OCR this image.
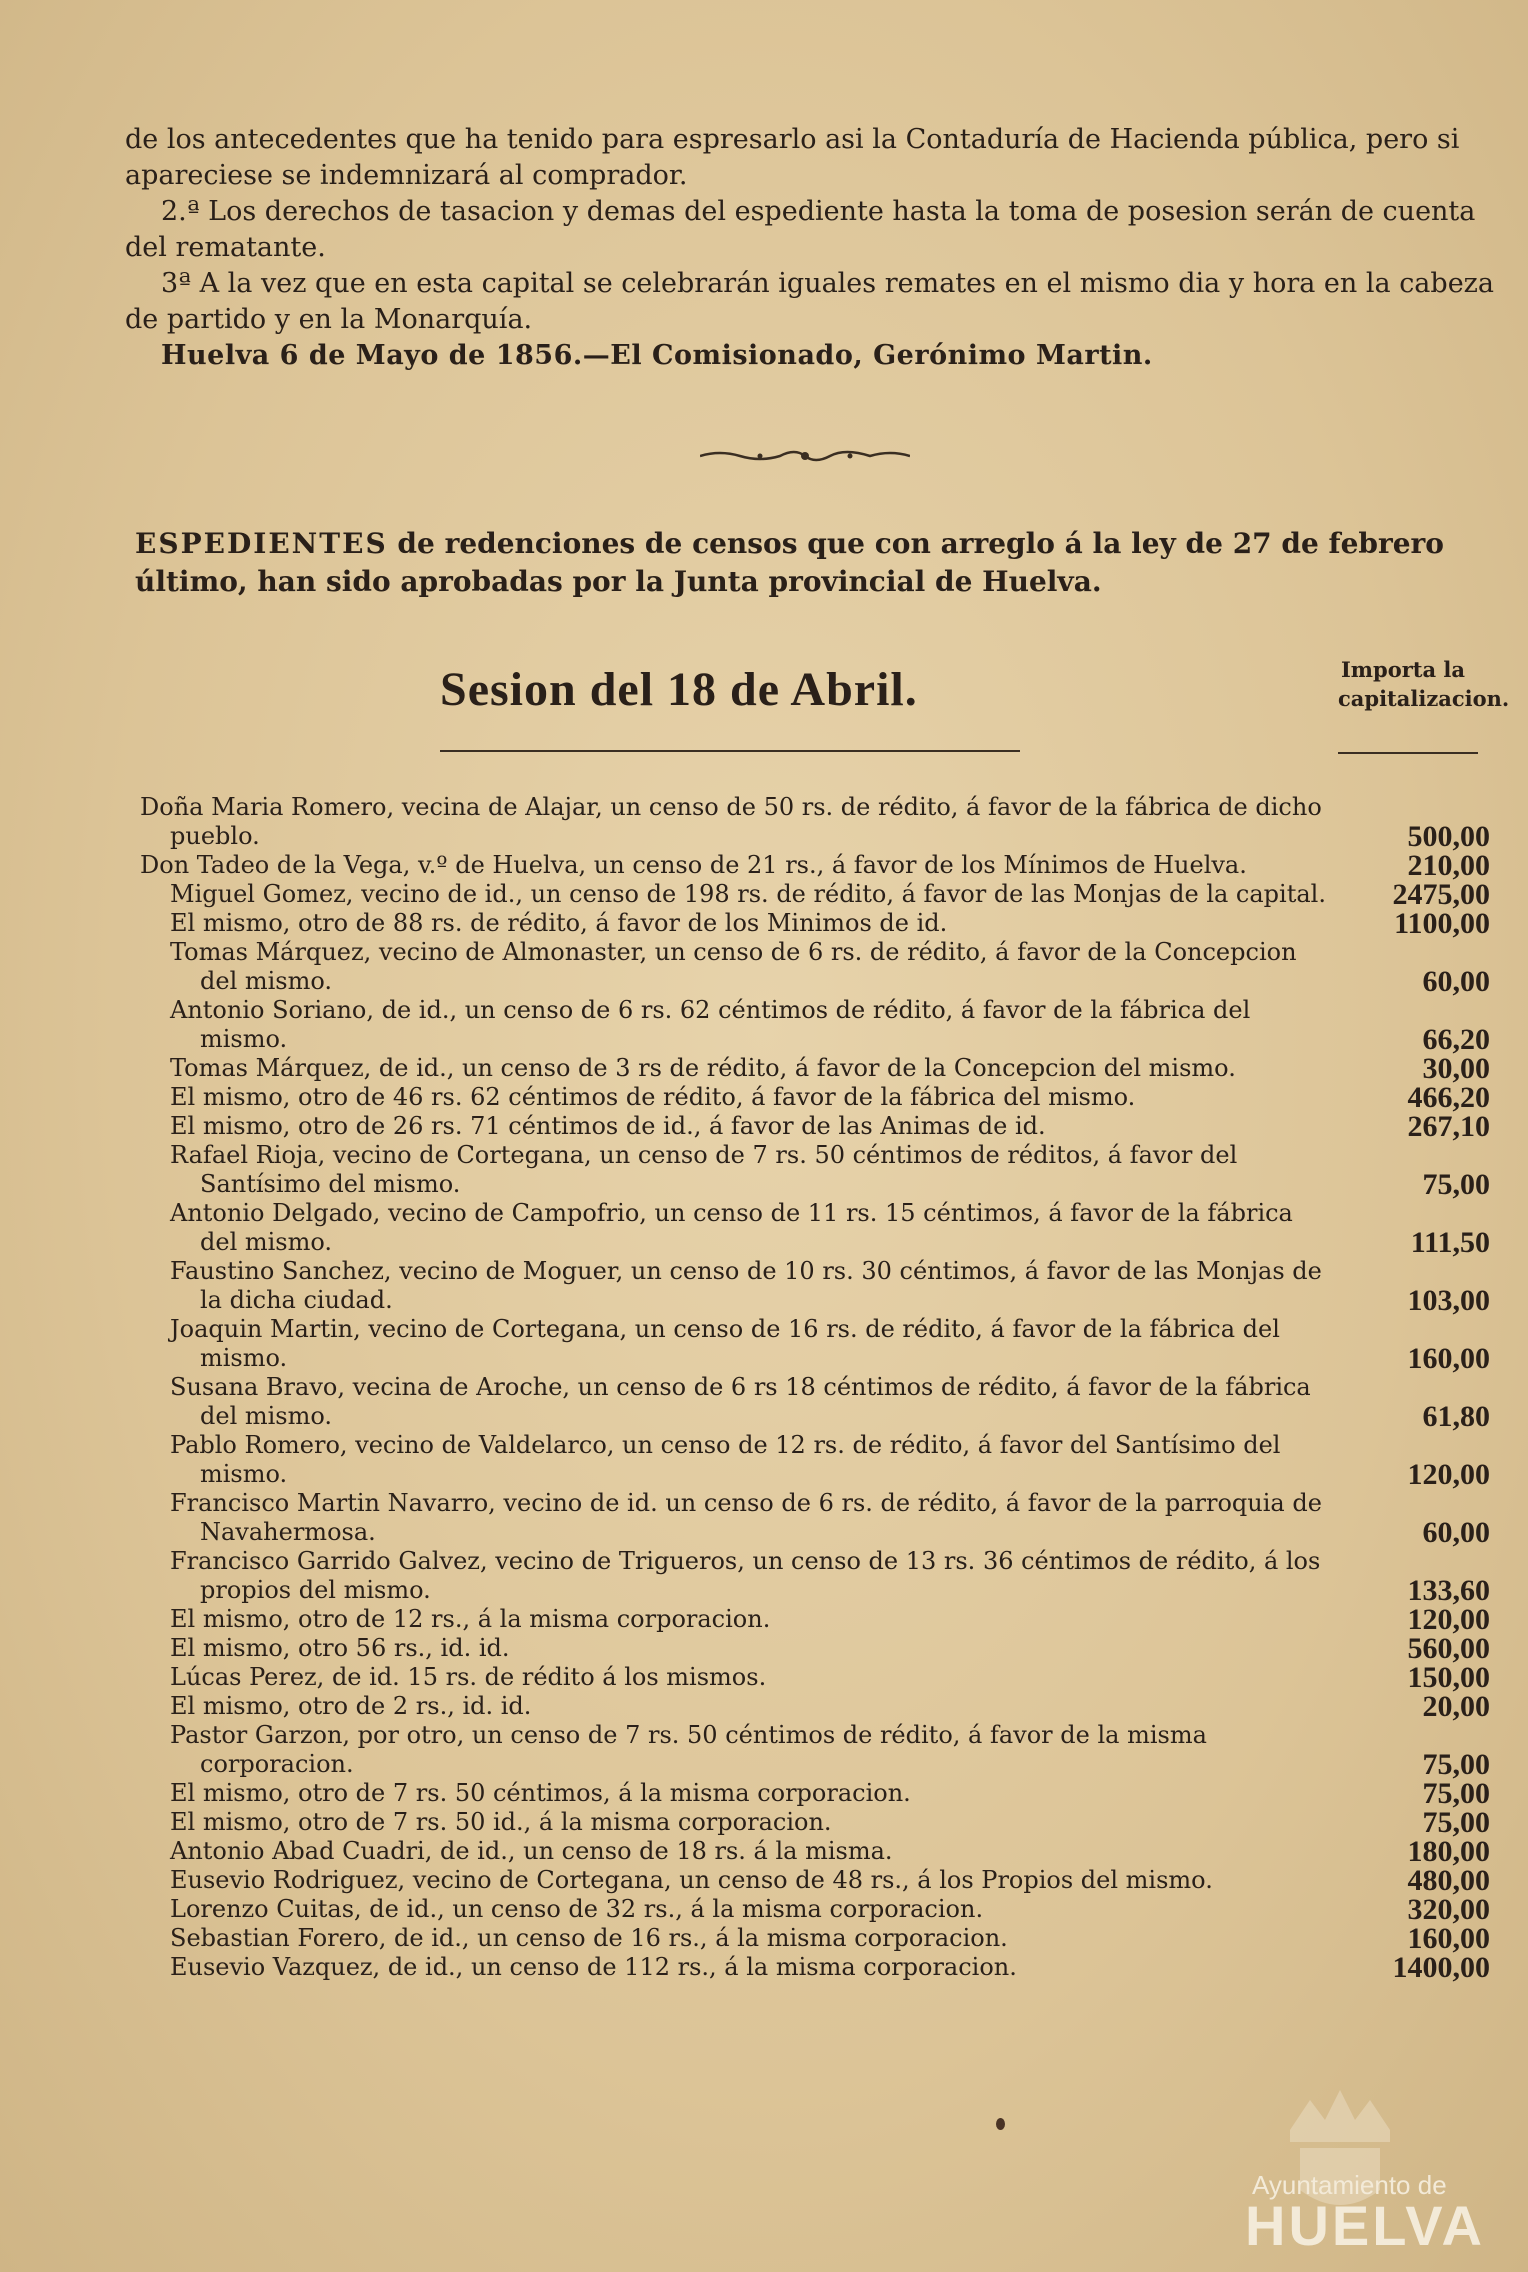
de los antecedentes que ha tenido para espresarlo asi la Contaduría de Hacienda pública, pero si apareciese se indemnizará al comprador.

2.ª Los derechos de tasacion y demas del espediente hasta la toma de posesion serán de cuenta del rematante.

3ª A la vez que en esta capital se celebrarán iguales remates en el mismo dia y hora en la cabeza de partido y en la Monarquía.

Huelva 6 de Mayo de 1856.—El Comisionado, Gerónimo Martin.

ESPEDIENTES de redenciones de censos que con arreglo á la ley de 27 de febrero último, han sido aprobadas por la Junta provincial de Huelva.
Sesion del 18 de Abril.	Importa la capitalizacion.
Doña Maria Romero, vecina de Alajar, un censo de 50 rs. de rédito, á favor de la fábrica de dicho pueblo.	500,00
Don Tadeo de la Vega, v.º de Huelva, un censo de 21 rs., á favor de los Mínimos de Huelva.	210,00
Miguel Gomez, vecino de id., un censo de 198 rs. de rédito, á favor de las Monjas de la capital.	2475,00
El mismo, otro de 88 rs. de rédito, á favor de los Minimos de id.	1100,00
Tomas Márquez, vecino de Almonaster, un censo de 6 rs. de rédito, á favor de la Concepcion del mismo.	60,00
Antonio Soriano, de id., un censo de 6 rs. 62 céntimos de rédito, á favor de la fábrica del mismo.	66,20
Tomas Márquez, de id., un censo de 3 rs de rédito, á favor de la Concepcion del mismo.	30,00
El mismo, otro de 46 rs. 62 céntimos de rédito, á favor de la fábrica del mismo.	466,20
El mismo, otro de 26 rs. 71 céntimos de id., á favor de las Animas de id.	267,10
Rafael Rioja, vecino de Cortegana, un censo de 7 rs. 50 céntimos de réditos, á favor del Santísimo del mismo.	75,00
Antonio Delgado, vecino de Campofrio, un censo de 11 rs. 15 céntimos, á favor de la fábrica del mismo.	111,50
Faustino Sanchez, vecino de Moguer, un censo de 10 rs. 30 céntimos, á favor de las Monjas de la dicha ciudad.	103,00
Joaquin Martin, vecino de Cortegana, un censo de 16 rs. de rédito, á favor de la fábrica del mismo.	160,00
Susana Bravo, vecina de Aroche, un censo de 6 rs 18 céntimos de rédito, á favor de la fábrica del mismo.	61,80
Pablo Romero, vecino de Valdelarco, un censo de 12 rs. de rédito, á favor del Santísimo del mismo.	120,00
Francisco Martin Navarro, vecino de id. un censo de 6 rs. de rédito, á favor de la parroquia de Navahermosa.	60,00
Francisco Garrido Galvez, vecino de Trigueros, un censo de 13 rs. 36 céntimos de rédito, á los propios del mismo.	133,60
El mismo, otro de 12 rs., á la misma corporacion.	120,00
El mismo, otro 56 rs., id. id.	560,00
Lúcas Perez, de id. 15 rs. de rédito á los mismos.	150,00
El mismo, otro de 2 rs., id. id.	20,00
Pastor Garzon, por otro, un censo de 7 rs. 50 céntimos de rédito, á favor de la misma corporacion.	75,00
El mismo, otro de 7 rs. 50 céntimos, á la misma corporacion.	75,00
El mismo, otro de 7 rs. 50 id., á la misma corporacion.	75,00
Antonio Abad Cuadri, de id., un censo de 18 rs. á la misma.	180,00
Eusevio Rodriguez, vecino de Cortegana, un censo de 48 rs., á los Propios del mismo.	480,00
Lorenzo Cuitas, de id., un censo de 32 rs., á la misma corporacion.	320,00
Sebastian Forero, de id., un censo de 16 rs., á la misma corporacion.	160,00
Eusevio Vazquez, de id., un censo de 112 rs., á la misma corporacion.	1400,00
Ayuntamiento de
HUELVA
